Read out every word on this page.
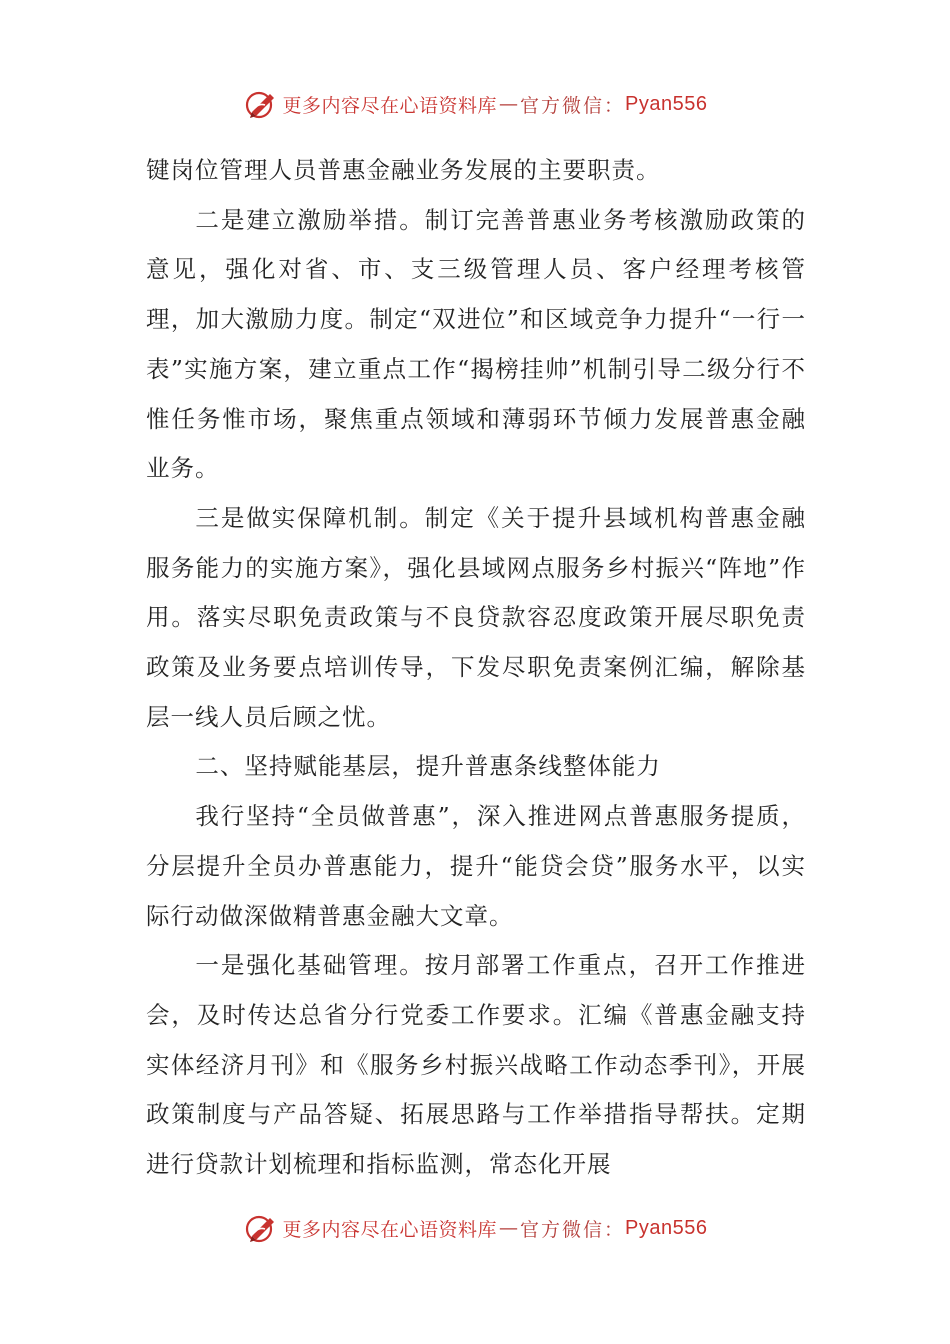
更多内容尽在心语资料库 — 官方微信： Pyan556

键岗位管理人员普惠金融业务发展的主要职责。

二是建立激励举措。制订完善普惠业务考核激励政策的意见，强化对省、市、支三级管理人员、客户经理考核管理，加大激励力度。制定“双进位”和区域竞争力提升“一行一表”实施方案，建立重点工作“揭榜挂帅”机制引导二级分行不惟任务惟市场，聚焦重点领域和薄弱环节倾力发展普惠金融业务。

三是做实保障机制。制定《关于提升县域机构普惠金融服务能力的实施方案》，强化县域网点服务乡村振兴“阵地”作用。落实尽职免责政策与不良贷款容忍度政策开展尽职免责政策及业务要点培训传导，下发尽职免责案例汇编，解除基层一线人员后顾之忧。

二、坚持赋能基层，提升普惠条线整体能力

我行坚持“全员做普惠”，深入推进网点普惠服务提质，分层提升全员办普惠能力，提升“能贷会贷”服务水平，以实际行动做深做精普惠金融大文章。

一是强化基础管理。按月部署工作重点，召开工作推进会，及时传达总省分行党委工作要求。汇编《普惠金融支持实体经济月刊》和《服务乡村振兴战略工作动态季刊》，开展政策制度与产品答疑、拓展思路与工作举措指导帮扶。定期进行贷款计划梳理和指标监测，常态化开展

更多内容尽在心语资料库 — 官方微信： Pyan556
